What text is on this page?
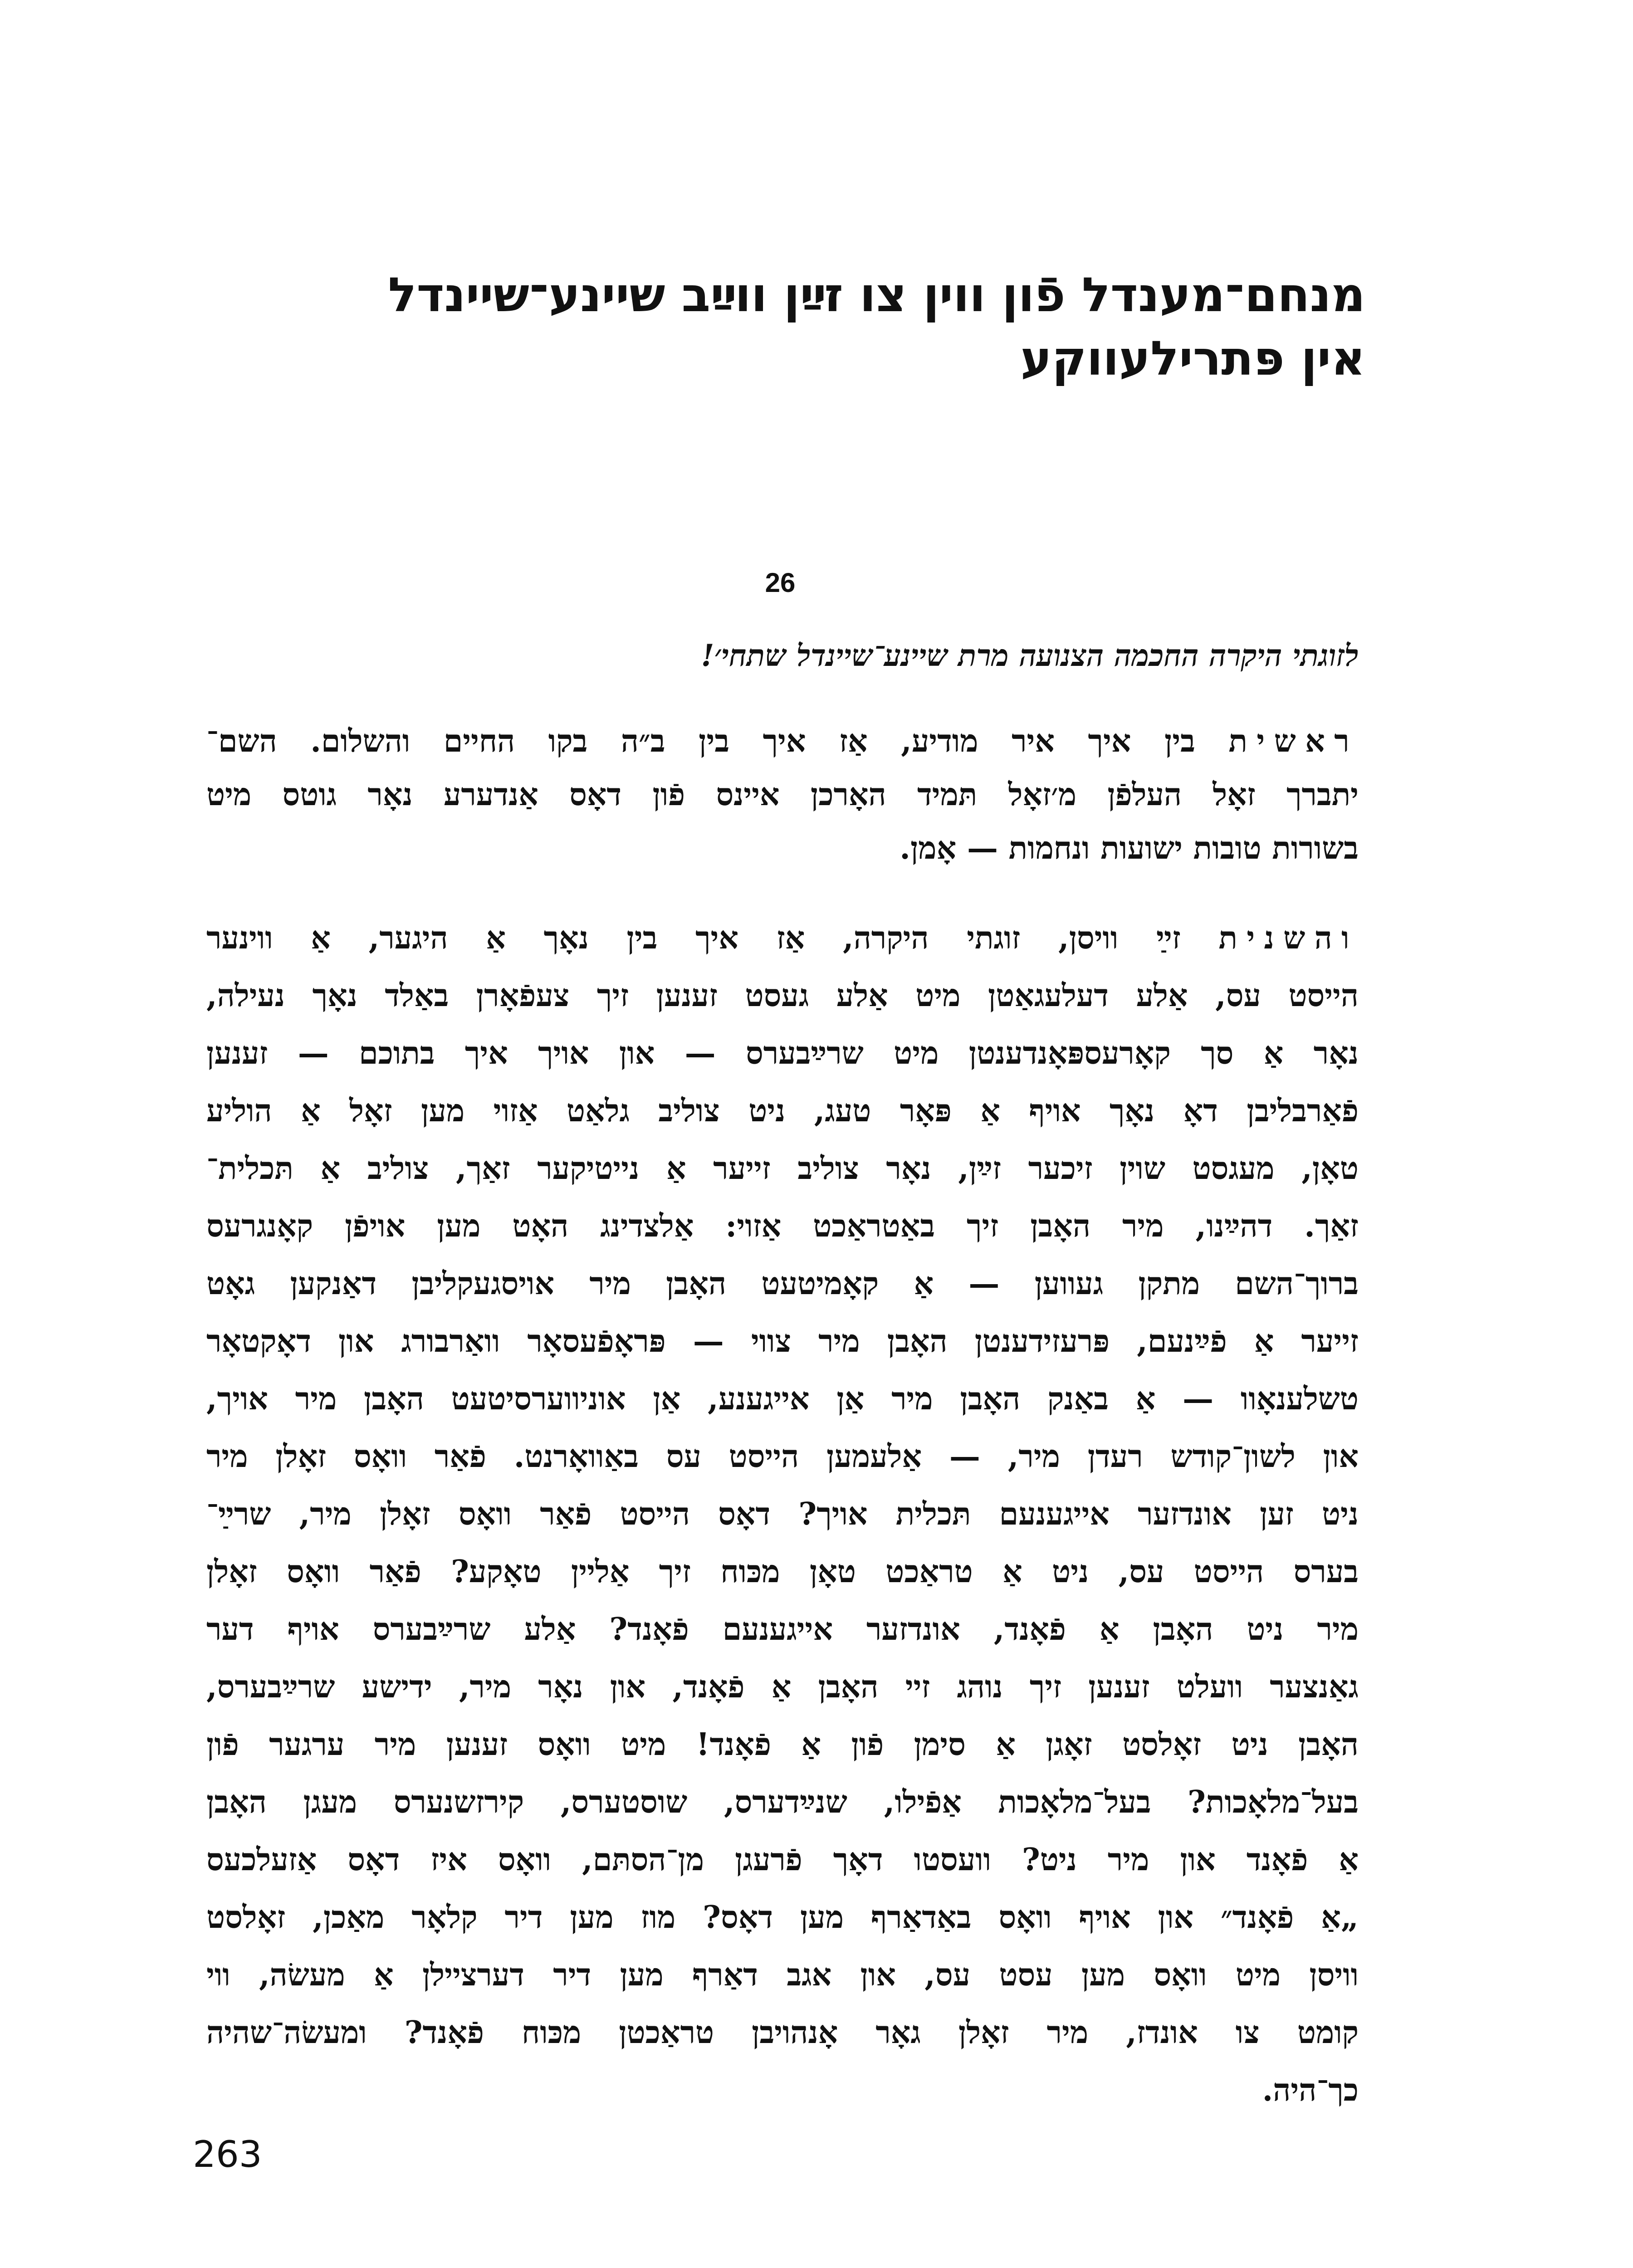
מנחם־מענדל פֿון ווין צו זײַן ווײַב שיינע־שיינדל
אין פּתרילעווקע
26
לזוגתי היקרה החכמה הצנועה מרת שיינע־שיינדל שתחי׳!
ראשית בין איך איר מודיע, אַז איך בין ב״ה בקו החיים והשלום. השם־
יתברך זאָל העלפֿן מ׳זאָל תּמיד האָרכן איינס פֿון דאָס אַנדערע נאָר גוטס מיט
בשורות טובות ישועות ונחמות — אָמן.
והשנית זײַ וויסן, זוגתי היקרה, אַז איך בין נאָך אַ היגער, אַ ווינער
הייסט עס, אַלע דעלעגאַטן מיט אַלע געסט זענען זיך צעפֿאָרן באַלד נאָך נעילה,
נאָר אַ סך קאָרעספּאָנדענטן מיט שרײַבערס — און אויך איך בתוכם — זענען
פֿאַרבליבן דאָ נאָך אויף אַ פּאָר טעג, ניט צוליב גלאַט אַזוי מען זאָל אַ הוליע
טאָן, מעגסט שוין זיכער זײַן, נאָר צוליב זייער אַ נייטיקער זאַך, צוליב אַ תּכלית־
זאַך. דהײַנו, מיר האָבן זיך באַטראַכט אַזוי: אַלצדינג האָט מען אויפֿן קאָנגרעס
ברוך־השם מתקן געווען — אַ קאָמיטעט האָבן מיר אויסגעקליבן דאַנקען גאָט
זייער אַ פֿײַנעם, פּרעזידענטן האָבן מיר צווי — פּראָפֿעסאָר וואַרבורג און דאָקטאָר
טשלענאָוו — אַ באַנק האָבן מיר אַן אייגענע, אַן אוניווערסיטעט האָבן מיר אויך,
און לשון־קודש רעדן מיר, — אַלעמען הייסט עס באַוואָרנט. פֿאַר וואָס זאָלן מיר
ניט זען אונדזער אייגענעם תּכלית אויך? דאָס הייסט פֿאַר וואָס זאָלן מיר, שרײַ־
בערס הייסט עס, ניט אַ טראַכט טאָן מכּוח זיך אַליין טאָקע? פֿאַר וואָס זאָלן
מיר ניט האָבן אַ פֿאָנד, אונדזער אייגענעם פֿאָנד? אַלע שרײַבערס אויף דער
גאַנצער וועלט זענען זיך נוהג זיי האָבן אַ פֿאָנד, און נאָר מיר, ידישע שרײַבערס,
האָבן ניט זאָלסט זאָגן אַ סימן פֿון אַ פֿאָנד! מיט וואָס זענען מיר ערגער פֿון
בעל־מלאָכות? בעל־מלאָכות אַפֿילו, שנײַדערס, שוסטערס, קירזשנערס מעגן האָבן
אַ פֿאָנד און מיר ניט? וועסטו דאָך פֿרעגן מן־הסתּם, וואָס איז דאָס אַזעלכעס
„אַ פֿאָנד״ און אויף וואָס באַדאַרף מען דאָס? מוז מען דיר קלאָר מאַכן, זאָלסט
וויסן מיט וואָס מען עסט עס, און אגב דאַרף מען דיר דערציילן אַ מעשׂה, ווי
קומט צו אונדז, מיר זאָלן גאָר אָנהויבן טראַכטן מכּוח פֿאָנד? ומעשׂה־שהיה
כך־היה.
263
